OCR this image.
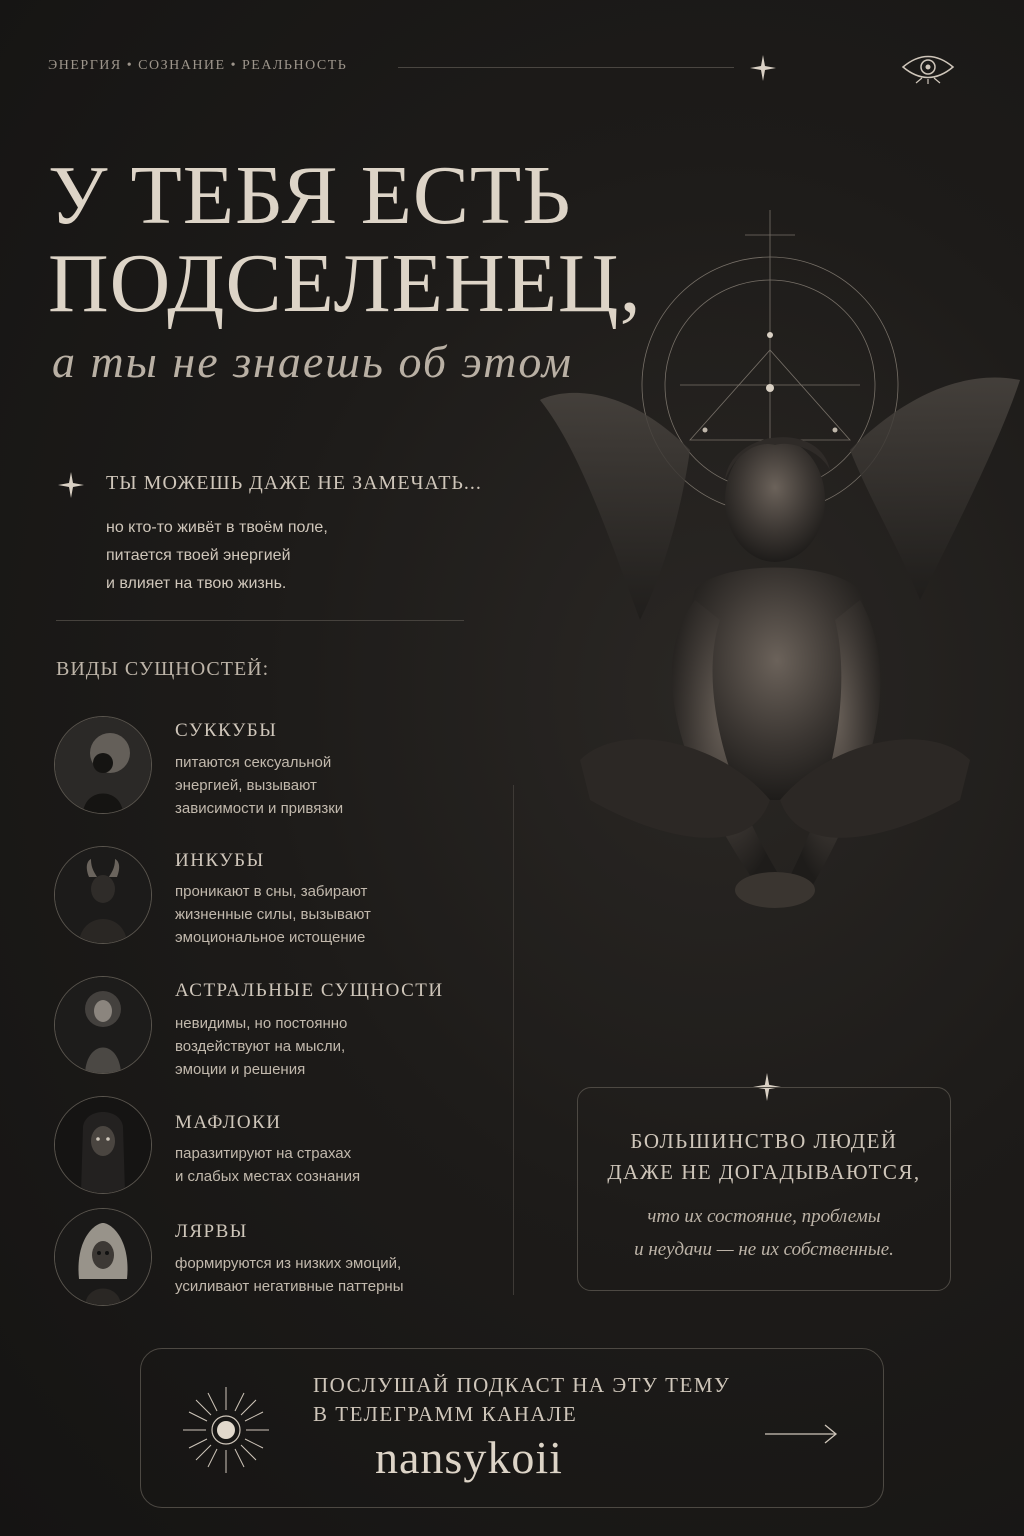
ЭНЕРГИЯ • СОЗНАНИЕ • РЕАЛЬНОСТЬ
У ТЕБЯ ЕСТЬ
ПОДСЕЛЕНЕЦ,
а ты не знаешь об этом
ТЫ МОЖЕШЬ ДАЖЕ НЕ ЗАМЕЧАТЬ...
но кто-то живёт в твоём поле,
питается твоей энергией
и влияет на твою жизнь.
ВИДЫ СУЩНОСТЕЙ:
СУККУБЫ
питаются сексуальной
энергией, вызывают
зависимости и привязки
ИНКУБЫ
проникают в сны, забирают
жизненные силы, вызывают
эмоциональное истощение
АСТРАЛЬНЫЕ СУЩНОСТИ
невидимы, но постоянно
воздействуют на мысли,
эмоции и решения
МАФЛОКИ
паразитируют на страхах
и слабых местах сознания
ЛЯРВЫ
формируются из низких эмоций,
усиливают негативные паттерны
БОЛЬШИНСТВО ЛЮДЕЙ
ДАЖЕ НЕ ДОГАДЫВАЮТСЯ,
что их состояние, проблемы
и неудачи — не их собственные.
ПОСЛУШАЙ ПОДКАСТ НА ЭТУ ТЕМУ
В ТЕЛЕГРАММ КАНАЛЕ
nansykoii
